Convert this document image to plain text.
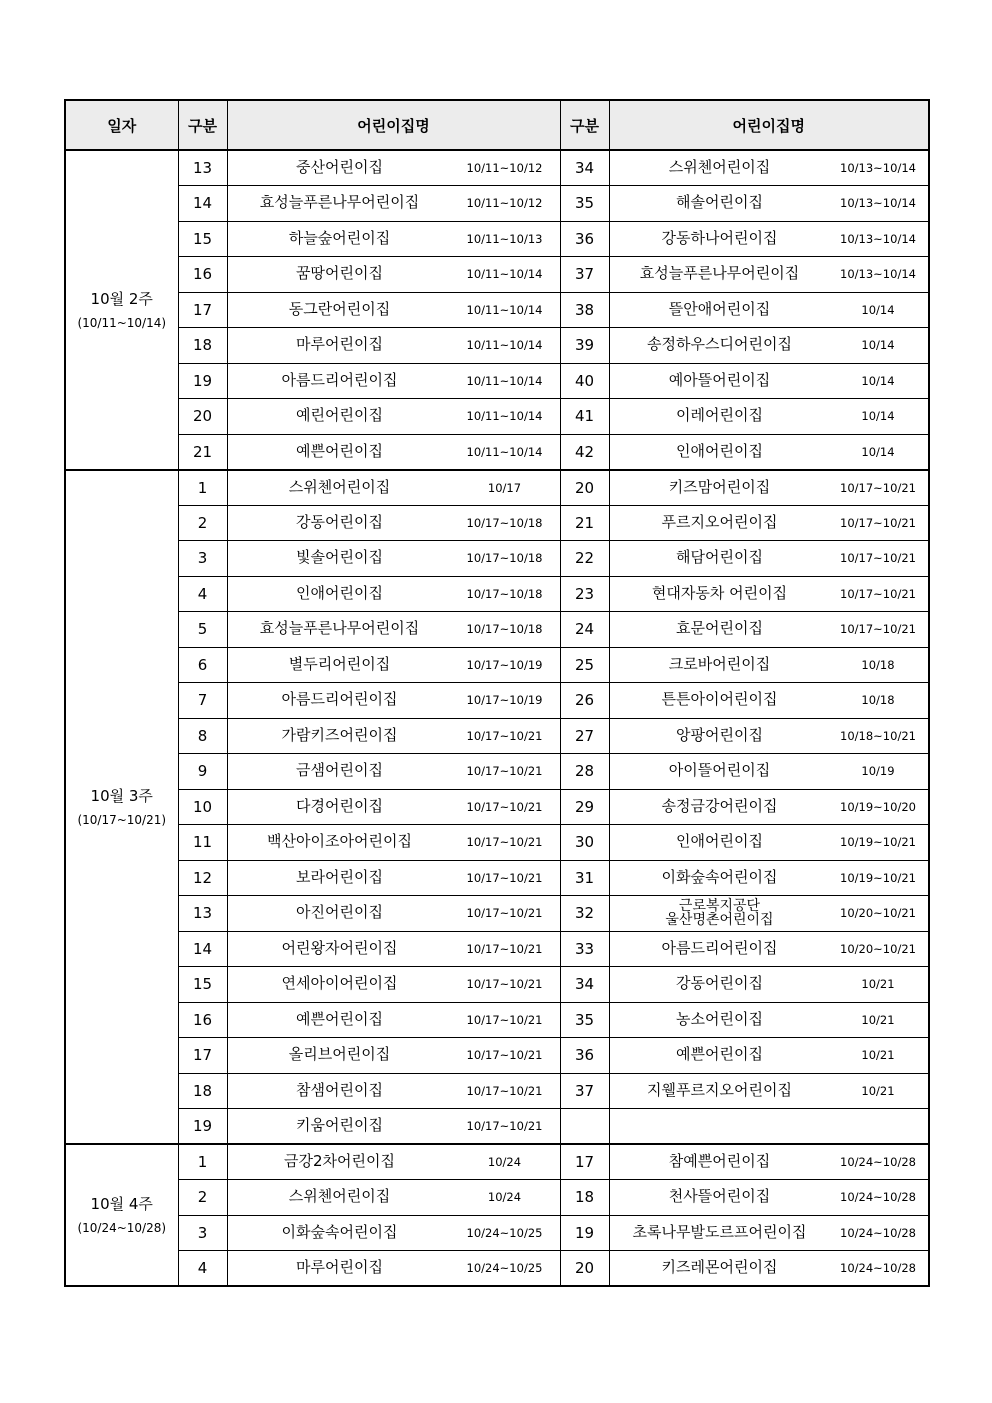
일자	구분	어린이집명	구분	어린이집명

10월 2주
(10/11~10/14)	13	중산어린이집 10/11~10/12	34	스위첸어린이집 10/13~10/14

	14	효성늘푸른나무어린이집 10/11~10/12	35	해솔어린이집 10/13~10/14

	15	하늘숲어린이집 10/11~10/13	36	강동하나어린이집 10/13~10/14

	16	꿈땅어린이집 10/11~10/14	37	효성늘푸른나무어린이집 10/13~10/14

	17	동그란어린이집 10/11~10/14	38	뜰안애어린이집 10/14

	18	마루어린이집 10/11~10/14	39	송정하우스디어린이집 10/14

	19	아름드리어린이집 10/11~10/14	40	예아뜰어린이집 10/14

	20	예린어린이집 10/11~10/14	41	이레어린이집 10/14

	21	예쁜어린이집 10/11~10/14	42	인애어린이집 10/14

10월 3주
(10/17~10/21)	1	스위첸어린이집 10/17	20	키즈맘어린이집 10/17~10/21

	2	강동어린이집 10/17~10/18	21	푸르지오어린이집 10/17~10/21

	3	빛솔어린이집 10/17~10/18	22	해담어린이집 10/17~10/21

	4	인애어린이집 10/17~10/18	23	현대자동차 어린이집 10/17~10/21

	5	효성늘푸른나무어린이집 10/17~10/18	24	효문어린이집 10/17~10/21

	6	별두리어린이집 10/17~10/19	25	크로바어린이집 10/18

	7	아름드리어린이집 10/17~10/19	26	튼튼아이어린이집 10/18

	8	가람키즈어린이집 10/17~10/21	27	앙팡어린이집 10/18~10/21

	9	금샘어린이집 10/17~10/21	28	아이뜰어린이집 10/19

	10	다경어린이집 10/17~10/21	29	송정금강어린이집 10/19~10/20

	11	백산아이조아어린이집 10/17~10/21	30	인애어린이집 10/19~10/21

	12	보라어린이집 10/17~10/21	31	이화숲속어린이집 10/19~10/21

	13	아진어린이집 10/17~10/21	32	근로복지공단
울산명촌어린이집 10/20~10/21

	14	어린왕자어린이집 10/17~10/21	33	아름드리어린이집 10/20~10/21

	15	연세아이어린이집 10/17~10/21	34	강동어린이집 10/21

	16	예쁜어린이집 10/17~10/21	35	농소어린이집 10/21

	17	올리브어린이집 10/17~10/21	36	예쁜어린이집 10/21

	18	참샘어린이집 10/17~10/21	37	지웰푸르지오어린이집 10/21

	19	키움어린이집 10/17~10/21		

10월 4주
(10/24~10/28)	1	금강2차어린이집 10/24	17	참예쁜어린이집 10/24~10/28

	2	스위첸어린이집 10/24	18	천사뜰어린이집 10/24~10/28

	3	이화숲속어린이집 10/24~10/25	19	초록나무발도르프어린이집 10/24~10/28

	4	마루어린이집 10/24~10/25	20	키즈레몬어린이집 10/24~10/28
